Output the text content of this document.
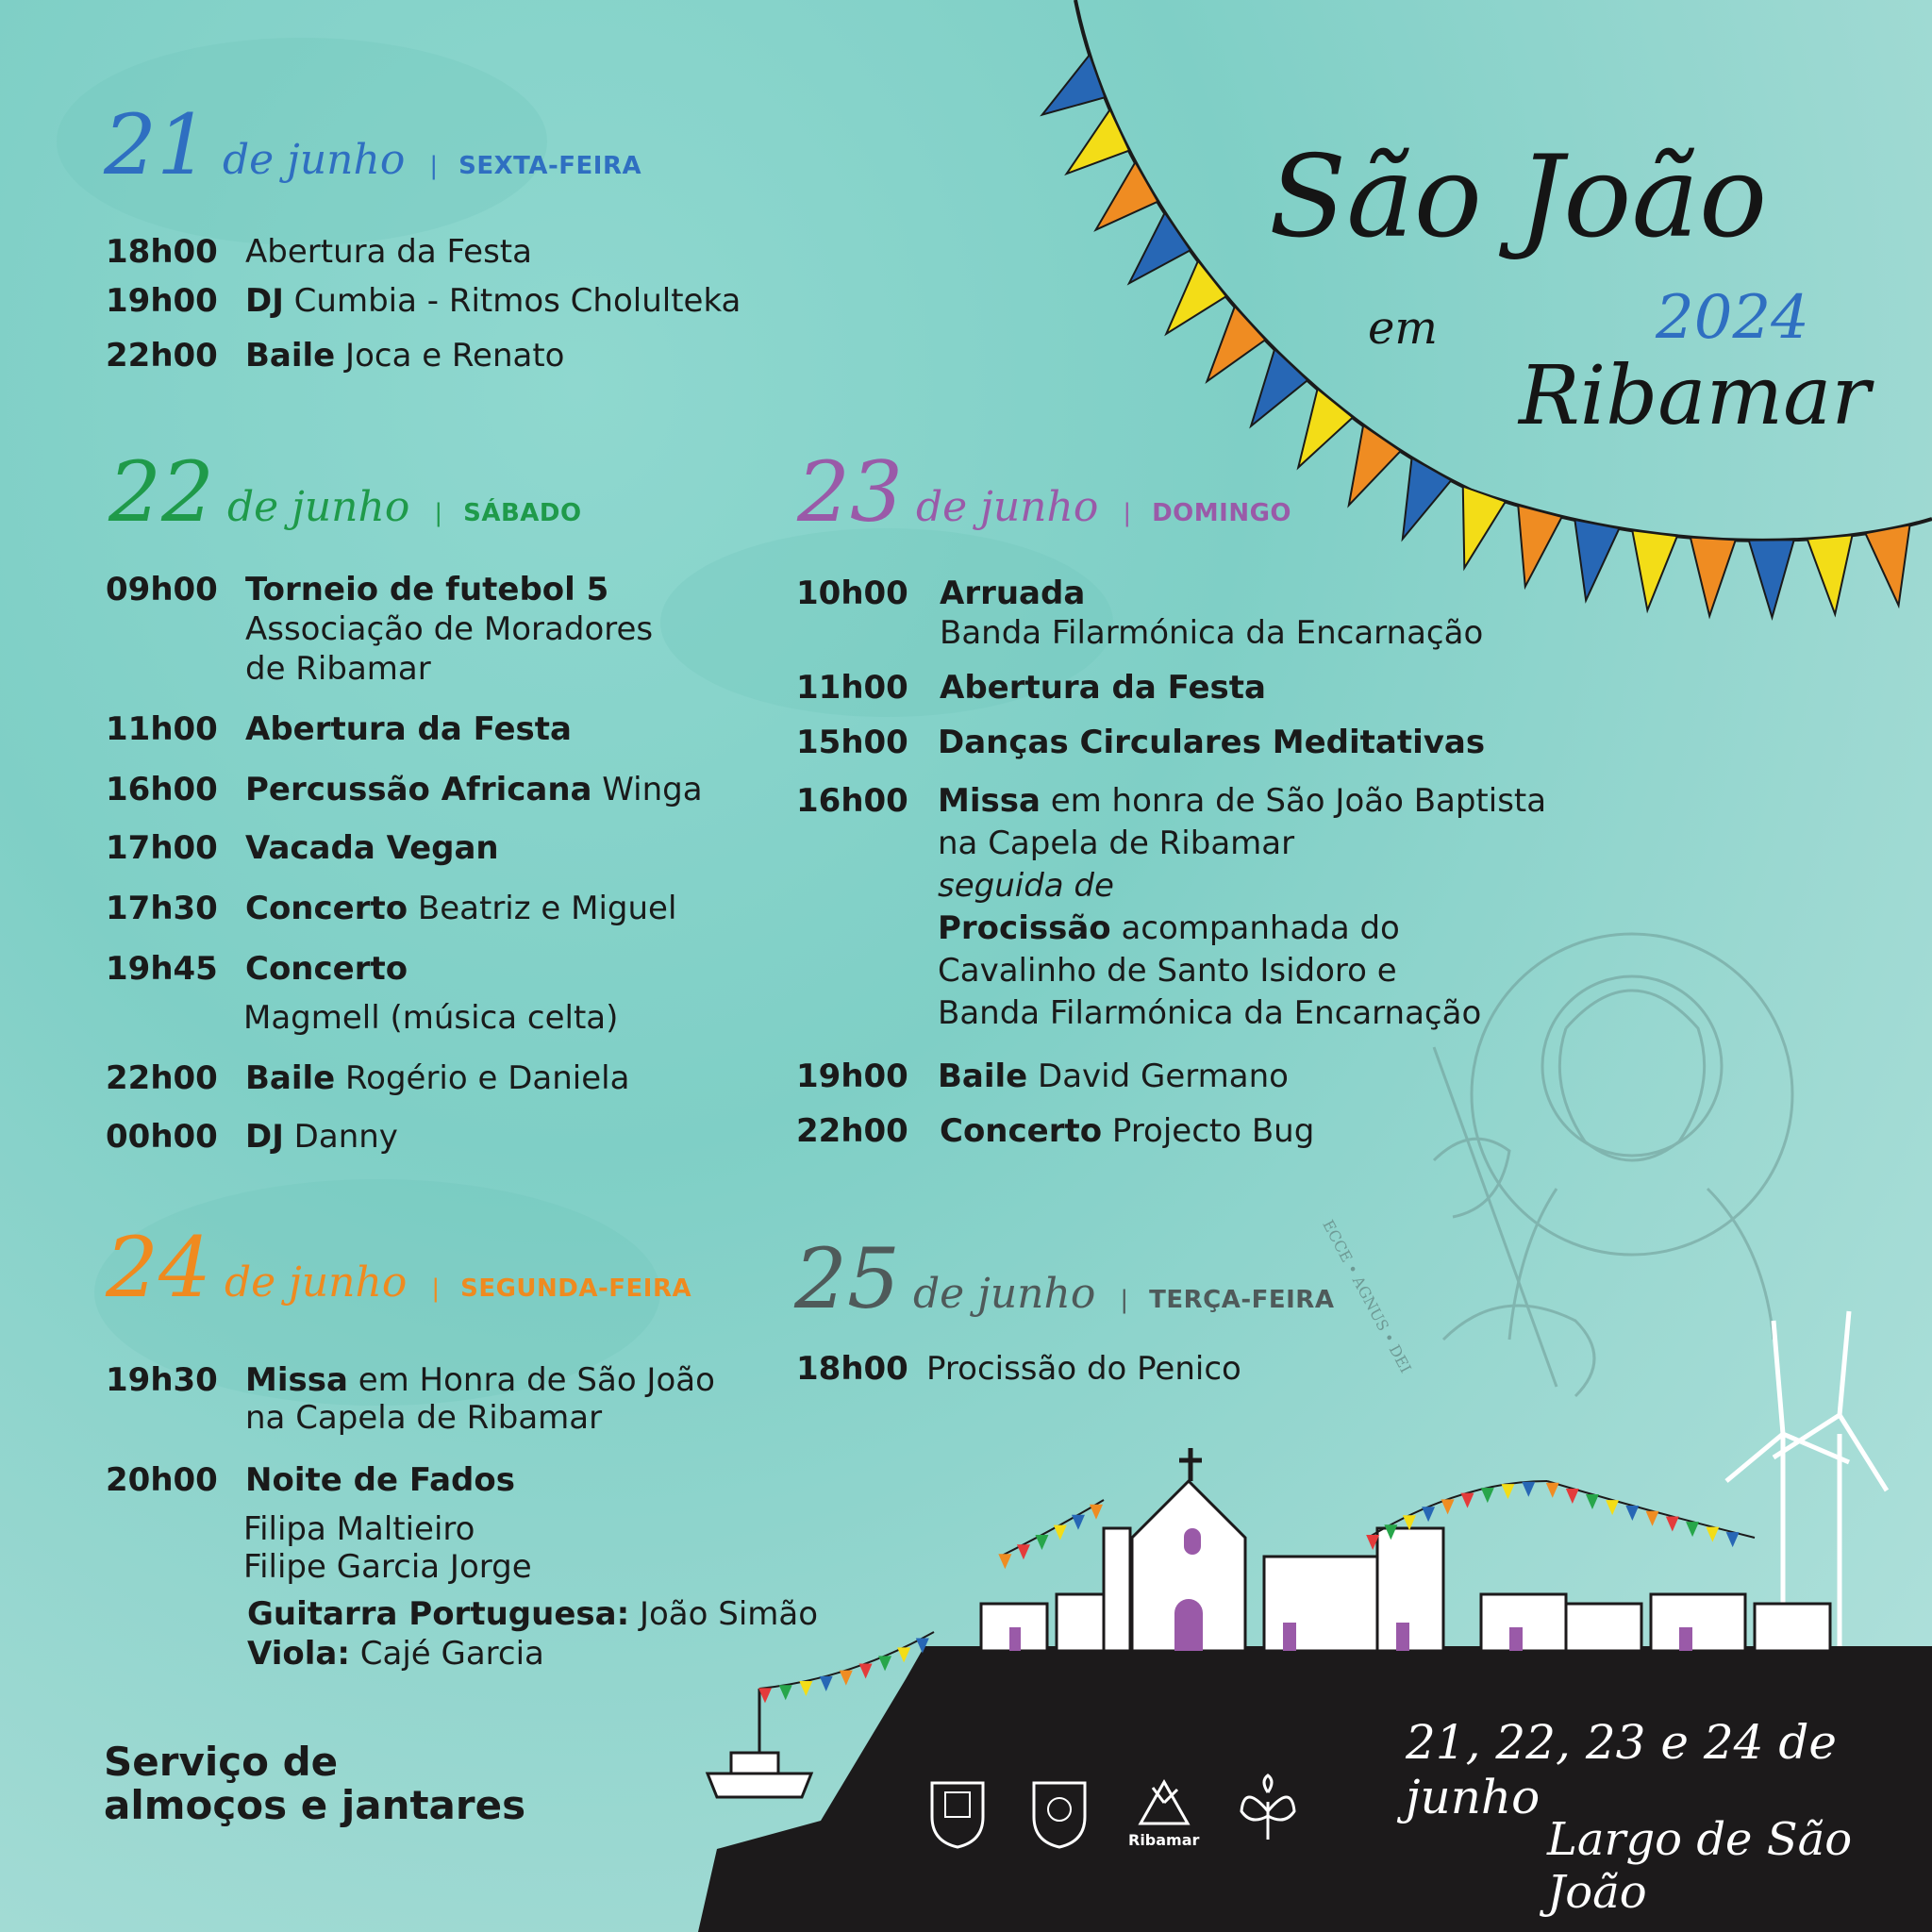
São João
em	2024
Ribamar
21 de junho | SEXTA-FEIRA
18h00 Abertura da Festa
19h00 DJ Cumbia - Ritmos Cholulteka
22h00 Baile Joca e Renato
22 de junho | SÁBADO
09h00 Torneio de futebol 5
Associação de Moradores
de Ribamar
11h00 Abertura da Festa
16h00 Percussão Africana Winga
17h00 Vacada Vegan
17h30 Concerto Beatriz e Miguel
19h45 Concerto
Magmell (música celta)
22h00 Baile Rogério e Daniela
00h00 DJ Danny
23 de junho | DOMINGO
10h00 Arruada
Banda Filarmónica da Encarnação
11h00 Abertura da Festa
15h00 Danças Circulares Meditativas
16h00 Missa em honra de São João Baptista
na Capela de Ribamar
seguida de
Procissão acompanhada do
Cavalinho de Santo Isidoro e
Banda Filarmónica da Encarnação
19h00 Baile David Germano
22h00 Concerto Projecto Bug
ECCE • AGNUS • DEI
24 de junho | SEGUNDA-FEIRA
19h30 Missa em Honra de São João
na Capela de Ribamar
20h00 Noite de Fados
Filipa Maltieiro
Filipe Garcia Jorge
Guitarra Portuguesa: João Simão
Viola: Cajé Garcia
25 de junho | TERÇA-FEIRA
18h00 Procissão do Penico
Serviço de
almoços e jantares
Ribamar
21, 22, 23 e 24 de junho
Largo de São João
